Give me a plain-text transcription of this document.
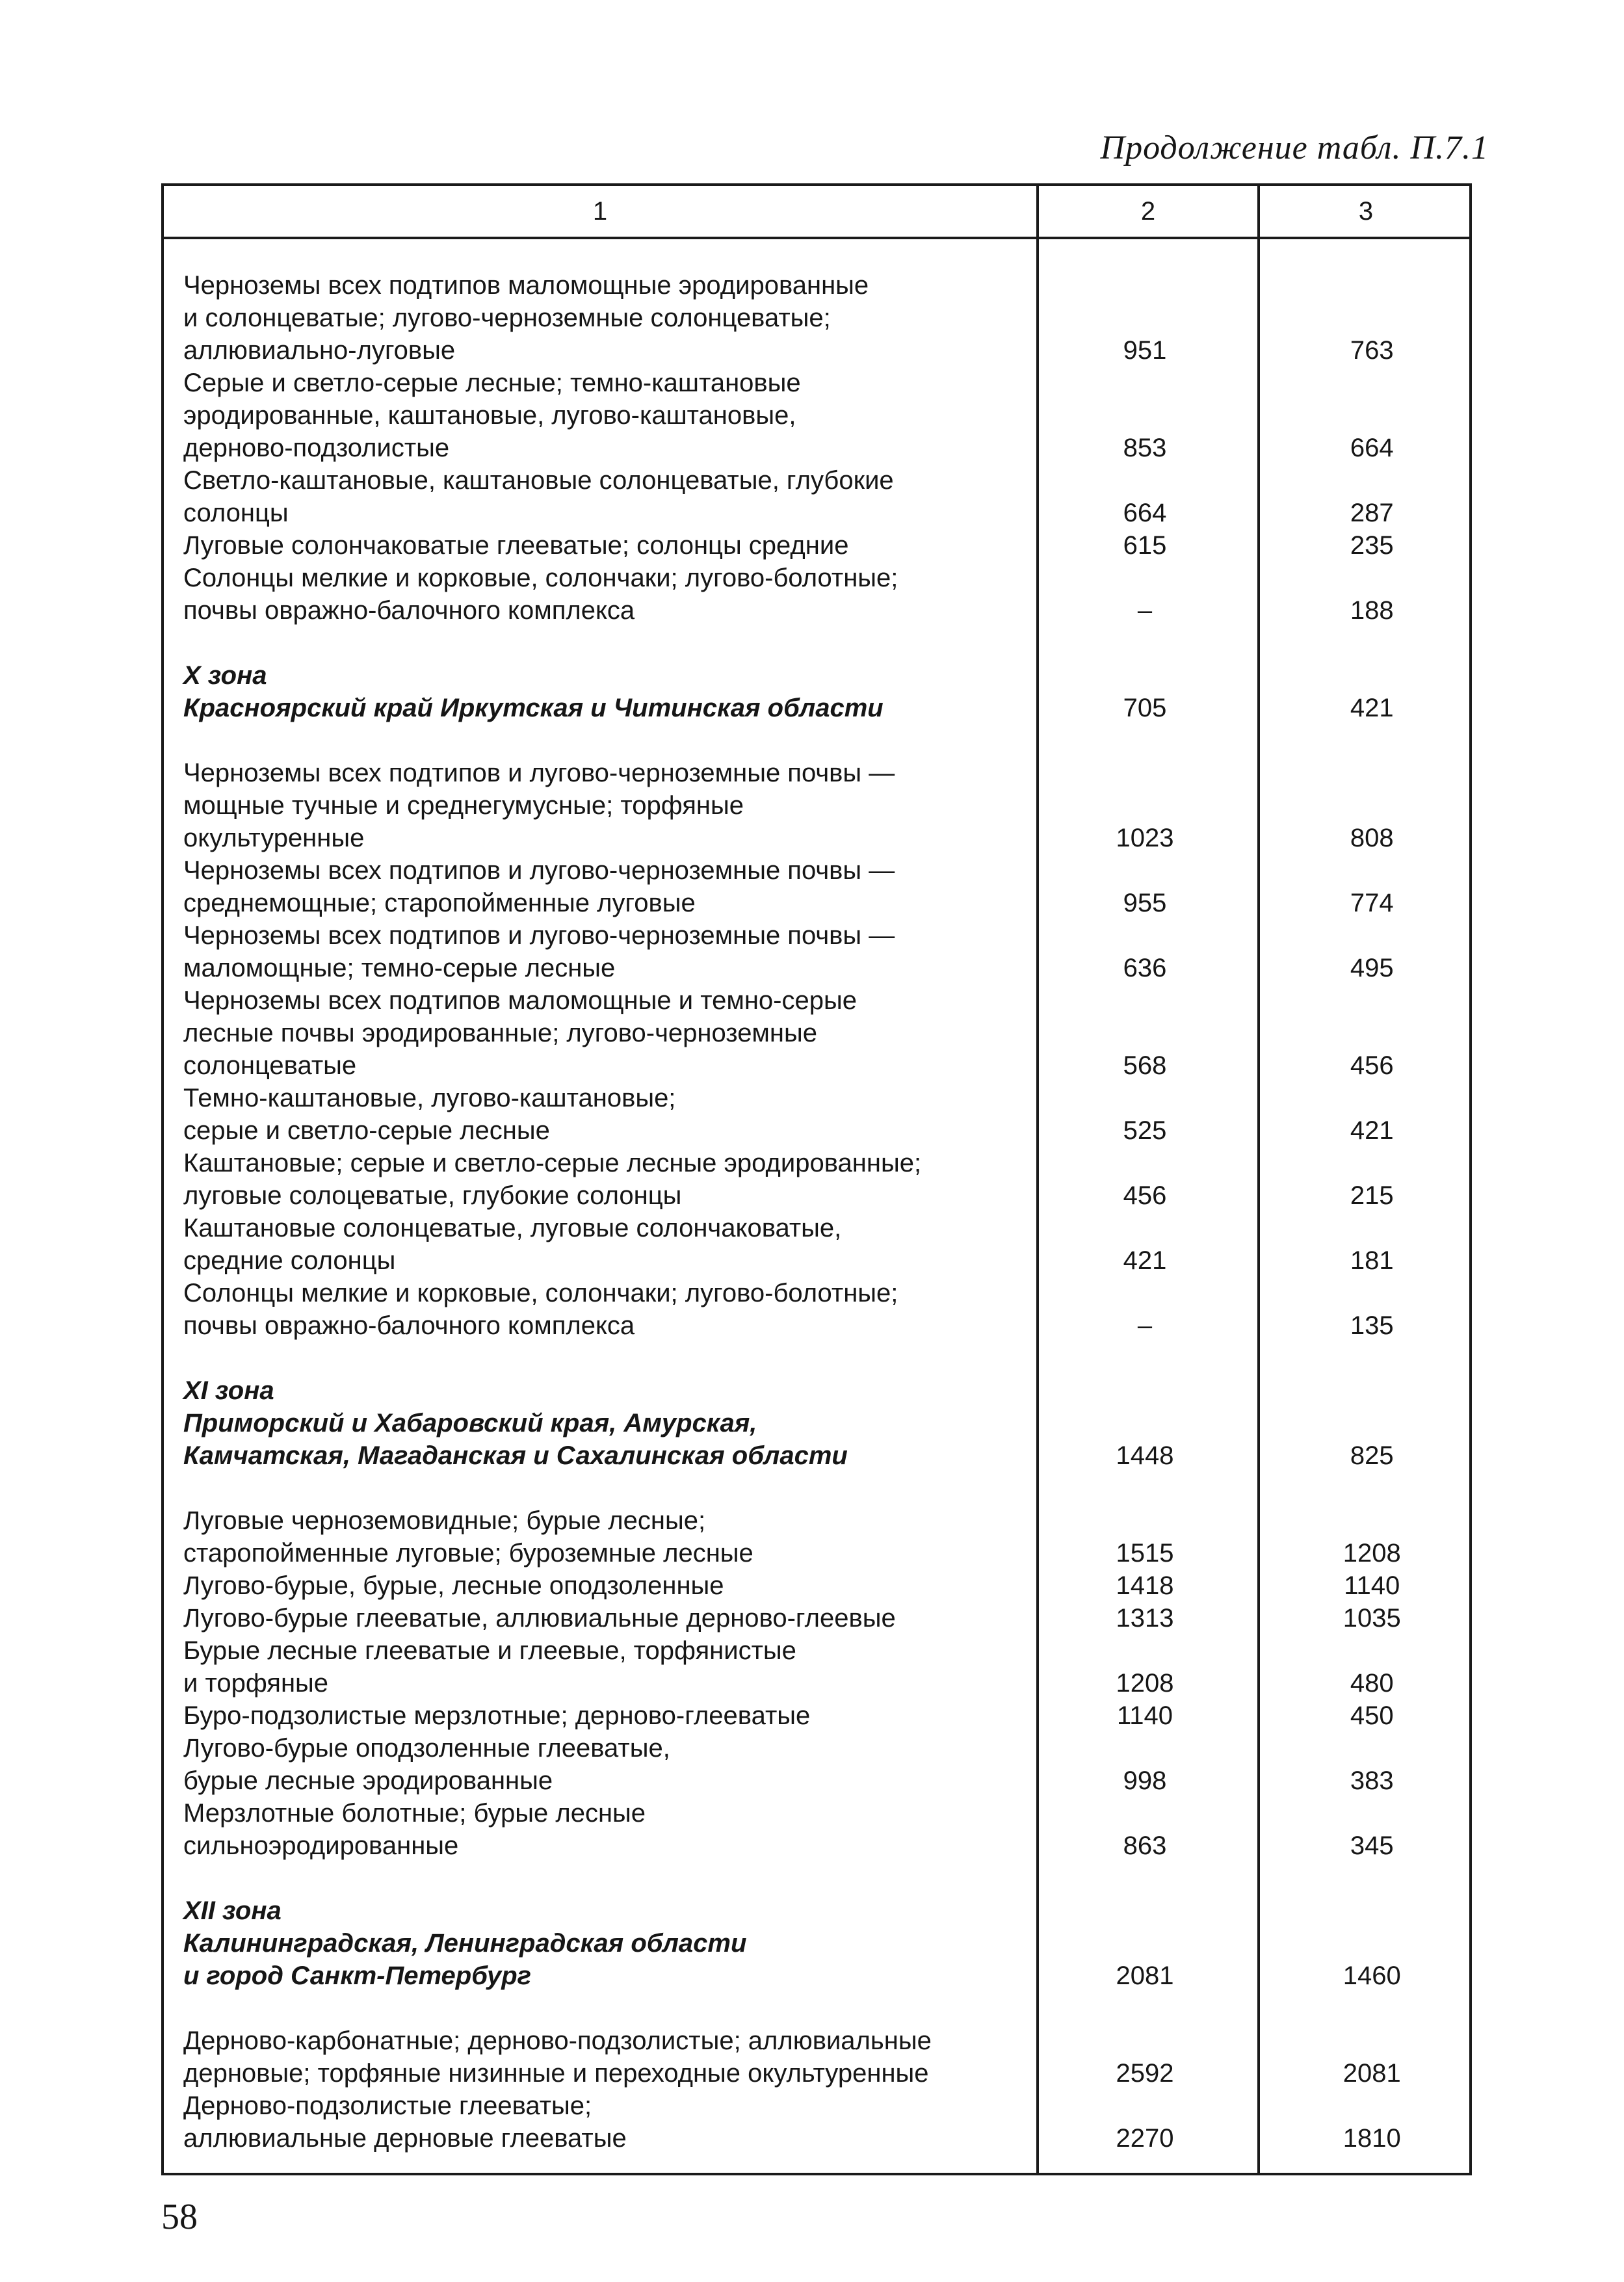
Продолжение табл. П.7.1
1	2	3
Черноземы всех подтипов маломощные эродированные
и солонцеватые; лугово-черноземные солонцеватые;
аллювиально-луговые	951	763
Серые и светло-серые лесные; темно-каштановые
эродированные, каштановые, лугово-каштановые,
дерново-подзолистые	853	664
Светло-каштановые, каштановые солонцеватые, глубокие
солонцы	664	287
Луговые солончаковатые глееватые; солонцы средние	615	235
Солонцы мелкие и корковые, солончаки; лугово-болотные;
почвы овражно-балочного комплекса	–	188
X зона
Красноярский край Иркутская и Читинская области	705	421
Черноземы всех подтипов и лугово-черноземные почвы —
мощные тучные и среднегумусные; торфяные
окультуренные	1023	808
Черноземы всех подтипов и лугово-черноземные почвы —
среднемощные; старопойменные луговые	955	774
Черноземы всех подтипов и лугово-черноземные почвы —
маломощные; темно-серые лесные	636	495
Черноземы всех подтипов маломощные и темно-серые
лесные почвы эродированные; лугово-черноземные
солонцеватые	568	456
Темно-каштановые, лугово-каштановые;
серые и светло-серые лесные	525	421
Каштановые; серые и светло-серые лесные эродированные;
луговые солоцеватые, глубокие солонцы	456	215
Каштановые солонцеватые, луговые солончаковатые,
средние солонцы	421	181
Солонцы мелкие и корковые, солончаки; лугово-болотные;
почвы овражно-балочного комплекса	–	135
XI зона
Приморский и Хабаровский края, Амурская,
Камчатская, Магаданская и Сахалинская области	1448	825
Луговые черноземовидные; бурые лесные;
старопойменные луговые; буроземные лесные	1515	1208
Лугово-бурые, бурые, лесные оподзоленные	1418	1140
Лугово-бурые глееватые, аллювиальные дерново-глеевые	1313	1035
Бурые лесные глееватые и глеевые, торфянистые
и торфяные	1208	480
Буро-подзолистые мерзлотные; дерново-глееватые	1140	450
Лугово-бурые оподзоленные глееватые,
бурые лесные эродированные	998	383
Мерзлотные болотные; бурые лесные
сильноэродированные	863	345
XII зона
Калининградская, Ленинградская области
и город Санкт-Петербург	2081	1460
Дерново-карбонатные; дерново-подзолистые; аллювиальные
дерновые; торфяные низинные и переходные окультуренные	2592	2081
Дерново-подзолистые глееватые;
аллювиальные дерновые глееватые	2270	1810
58
